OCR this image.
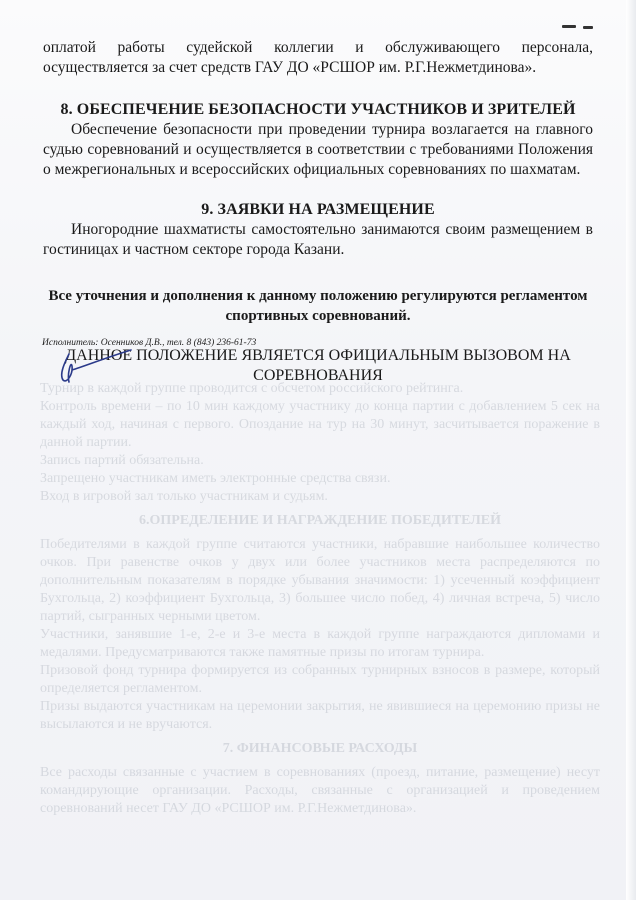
Турнир в каждой группе проводится с обсчетом российского рейтинга.

Контроль времени – по 10 мин каждому участнику до конца партии с добавлением 5 сек на каждый ход, начиная с первого. Опоздание на тур на 30 минут, засчитывается поражение в данной партии.

Запись партий обязательна.

Запрещено участникам иметь электронные средства связи.

Вход в игровой зал только участникам и судьям.

6.ОПРЕДЕЛЕНИЕ И НАГРАЖДЕНИЕ ПОБЕДИТЕЛЕЙ

Победителями в каждой группе считаются участники, набравшие наибольшее количество очков. При равенстве очков у двух или более участников места распределяются по дополнительным показателям в порядке убывания значимости: 1) усеченный коэффициент Бухгольца, 2) коэффициент Бухгольца, 3) большее число побед, 4) личная встреча, 5) число партий, сыгранных черными цветом.

Участники, занявшие 1-е, 2-е и 3-е места в каждой группе награждаются дипломами и медалями. Предусматриваются также памятные призы по итогам турнира.

Призовой фонд турнира формируется из собранных турнирных взносов в размере, который определяется регламентом.

Призы выдаются участникам на церемонии закрытия, не явившиеся на церемонию призы не высылаются и не вручаются.

7. ФИНАНСОВЫЕ РАСХОДЫ

Все расходы связанные с участием в соревнованиях (проезд, питание, размещение) несут командирующие организации. Расходы, связанные с организацией и проведением соревнований несет ГАУ ДО «РСШОР им. Р.Г.Нежметдинова».

оплатой работы судейской коллегии и обслуживающего персонала, осуществляется за счет средств ГАУ ДО «РСШОР им. Р.Г.Нежметдинова».

8. ОБЕСПЕЧЕНИЕ БЕЗОПАСНОСТИ УЧАСТНИКОВ И ЗРИТЕЛЕЙ

Обеспечение безопасности при проведении турнира возлагается на главного судью соревнований и осуществляется в соответствии с требованиями Положения о межрегиональных и всероссийских официальных соревнованиях по шахматам.

9. ЗАЯВКИ НА РАЗМЕЩЕНИЕ

Иногородние шахматисты самостоятельно занимаются своим размещением в гостиницах и частном секторе города Казани.

Все уточнения и дополнения к данному положению регулируются регламентом спортивных соревнований.
ДАННОЕ ПОЛОЖЕНИЕ ЯВЛЯЕТСЯ ОФИЦИАЛЬНЫМ ВЫЗОВОМ НА СОРЕВНОВАНИЯ
Исполнитель: Осенников Д.В., тел. 8 (843) 236-61-73
